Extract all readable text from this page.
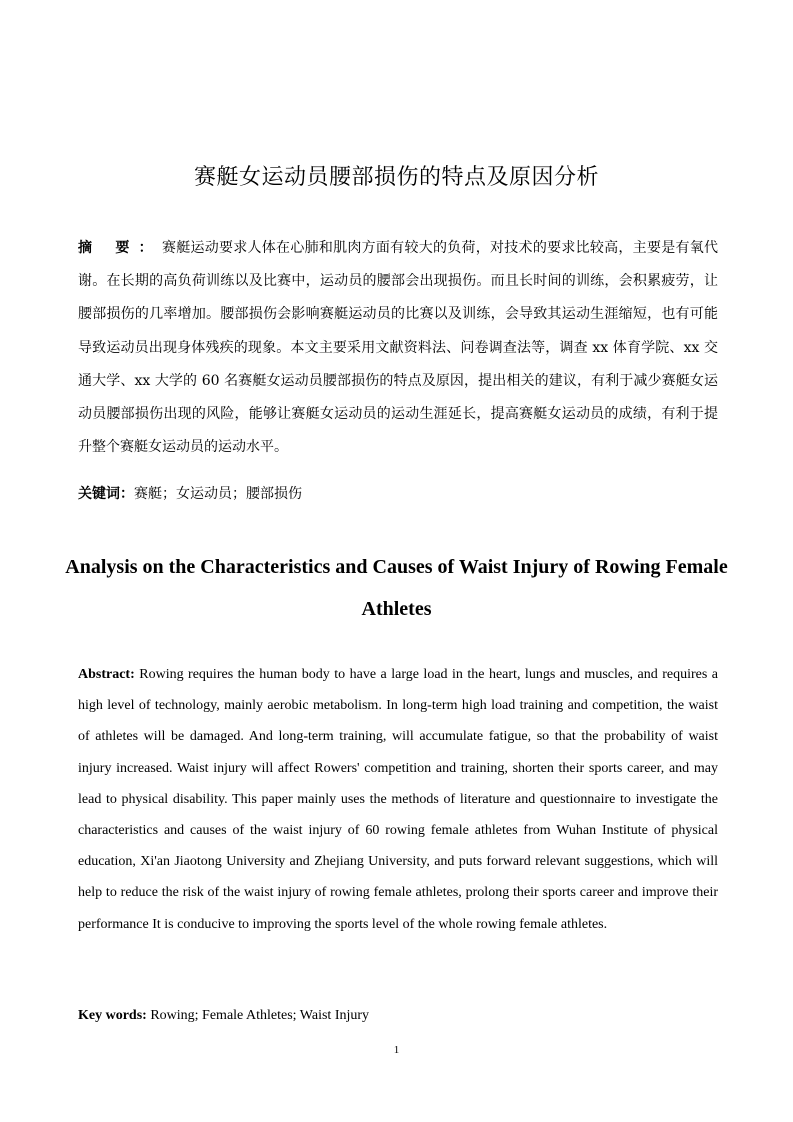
赛艇女运动员腰部损伤的特点及原因分析
摘 要：赛艇运动要求人体在心肺和肌肉方面有较大的负荷，对技术的要求比较高，主要是有氧代谢。在长期的高负荷训练以及比赛中，运动员的腰部会出现损伤。而且长时间的训练，会积累疲劳，让腰部损伤的几率增加。腰部损伤会影响赛艇运动员的比赛以及训练，会导致其运动生涯缩短，也有可能导致运动员出现身体残疾的现象。本文主要采用文献资料法、问卷调查法等，调查 xx 体育学院、xx 交通大学、xx 大学的 60 名赛艇女运动员腰部损伤的特点及原因，提出相关的建议，有利于减少赛艇女运动员腰部损伤出现的风险，能够让赛艇女运动员的运动生涯延长，提高赛艇女运动员的成绩，有利于提升整个赛艇女运动员的运动水平。
关键词：赛艇；女运动员；腰部损伤
Analysis on the Characteristics and Causes of Waist Injury of Rowing Female Athletes
Abstract: Rowing requires the human body to have a large load in the heart, lungs and muscles, and requires a high level of technology, mainly aerobic metabolism. In long-term high load training and competition, the waist of athletes will be damaged. And long-term training, will accumulate fatigue, so that the probability of waist injury increased. Waist injury will affect Rowers' competition and training, shorten their sports career, and may lead to physical disability. This paper mainly uses the methods of literature and questionnaire to investigate the characteristics and causes of the waist injury of 60 rowing female athletes from Wuhan Institute of physical education, Xi'an Jiaotong University and Zhejiang University, and puts forward relevant suggestions, which will help to reduce the risk of the waist injury of rowing female athletes, prolong their sports career and improve their performance It is conducive to improving the sports level of the whole rowing female athletes.
Key words: Rowing; Female Athletes; Waist Injury
1
